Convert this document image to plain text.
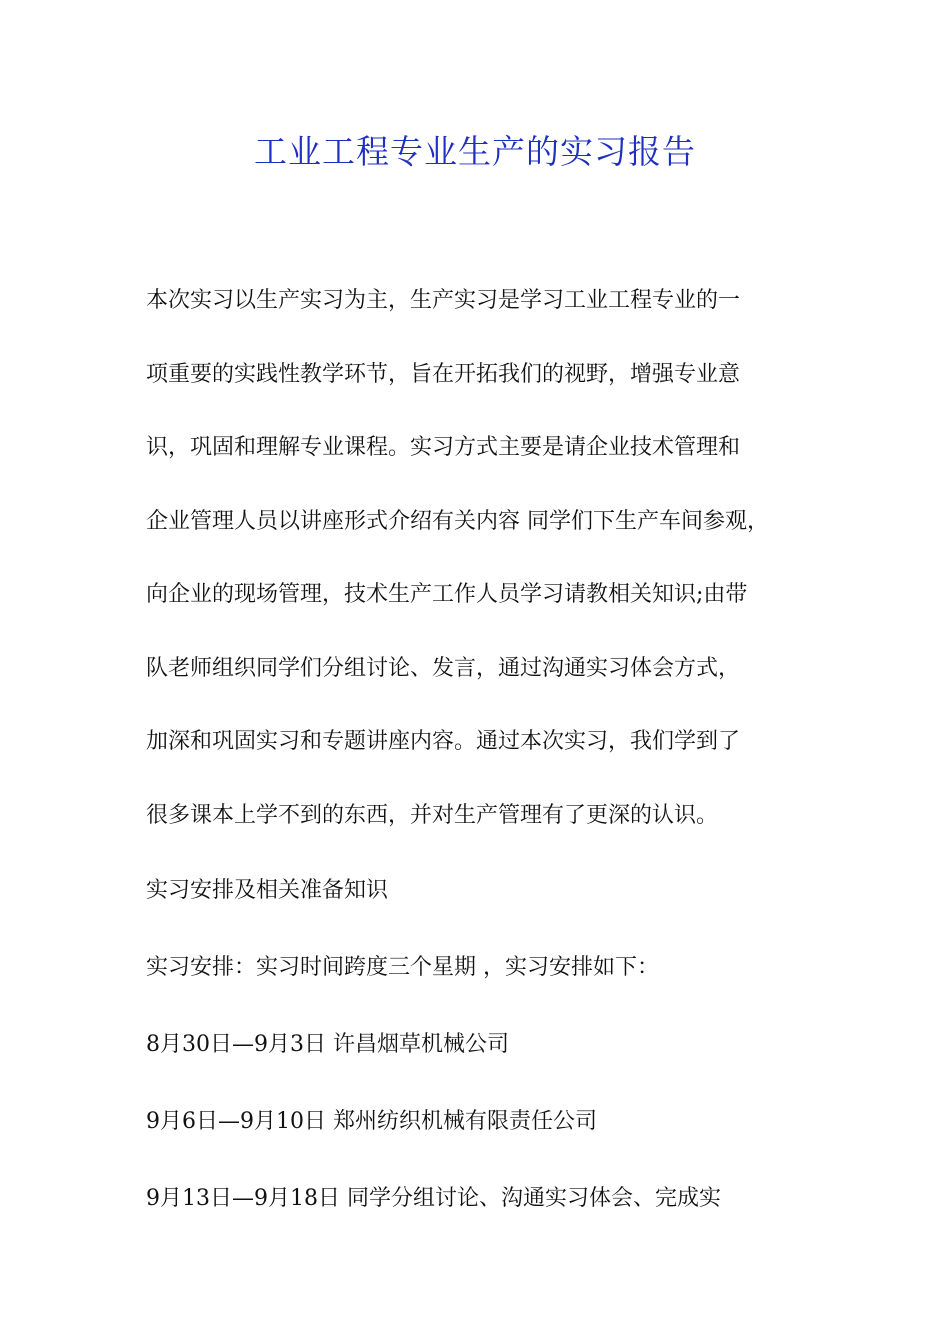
工业工程专业生产的实习报告
本次实习以生产实习为主，生产实习是学习工业工程专业的一
项重要的实践性教学环节，旨在开拓我们的视野，增强专业意
识，巩固和理解专业课程。实习方式主要是请企业技术管理和
企业管理人员以讲座形式介绍有关内容 同学们下生产车间参观，
向企业的现场管理，技术生产工作人员学习请教相关知识;由带
队老师组织同学们分组讨论、发言，通过沟通实习体会方式，
加深和巩固实习和专题讲座内容。通过本次实习，我们学到了
很多课本上学不到的东西，并对生产管理有了更深的认识。
实习安排及相关准备知识
实习安排：实习时间跨度三个星期 ，实习安排如下：
8月30日—9月3日 许昌烟草机械公司
9月6日—9月10日 郑州纺织机械有限责任公司
9月13日—9月18日 同学分组讨论、沟通实习体会、完成实
